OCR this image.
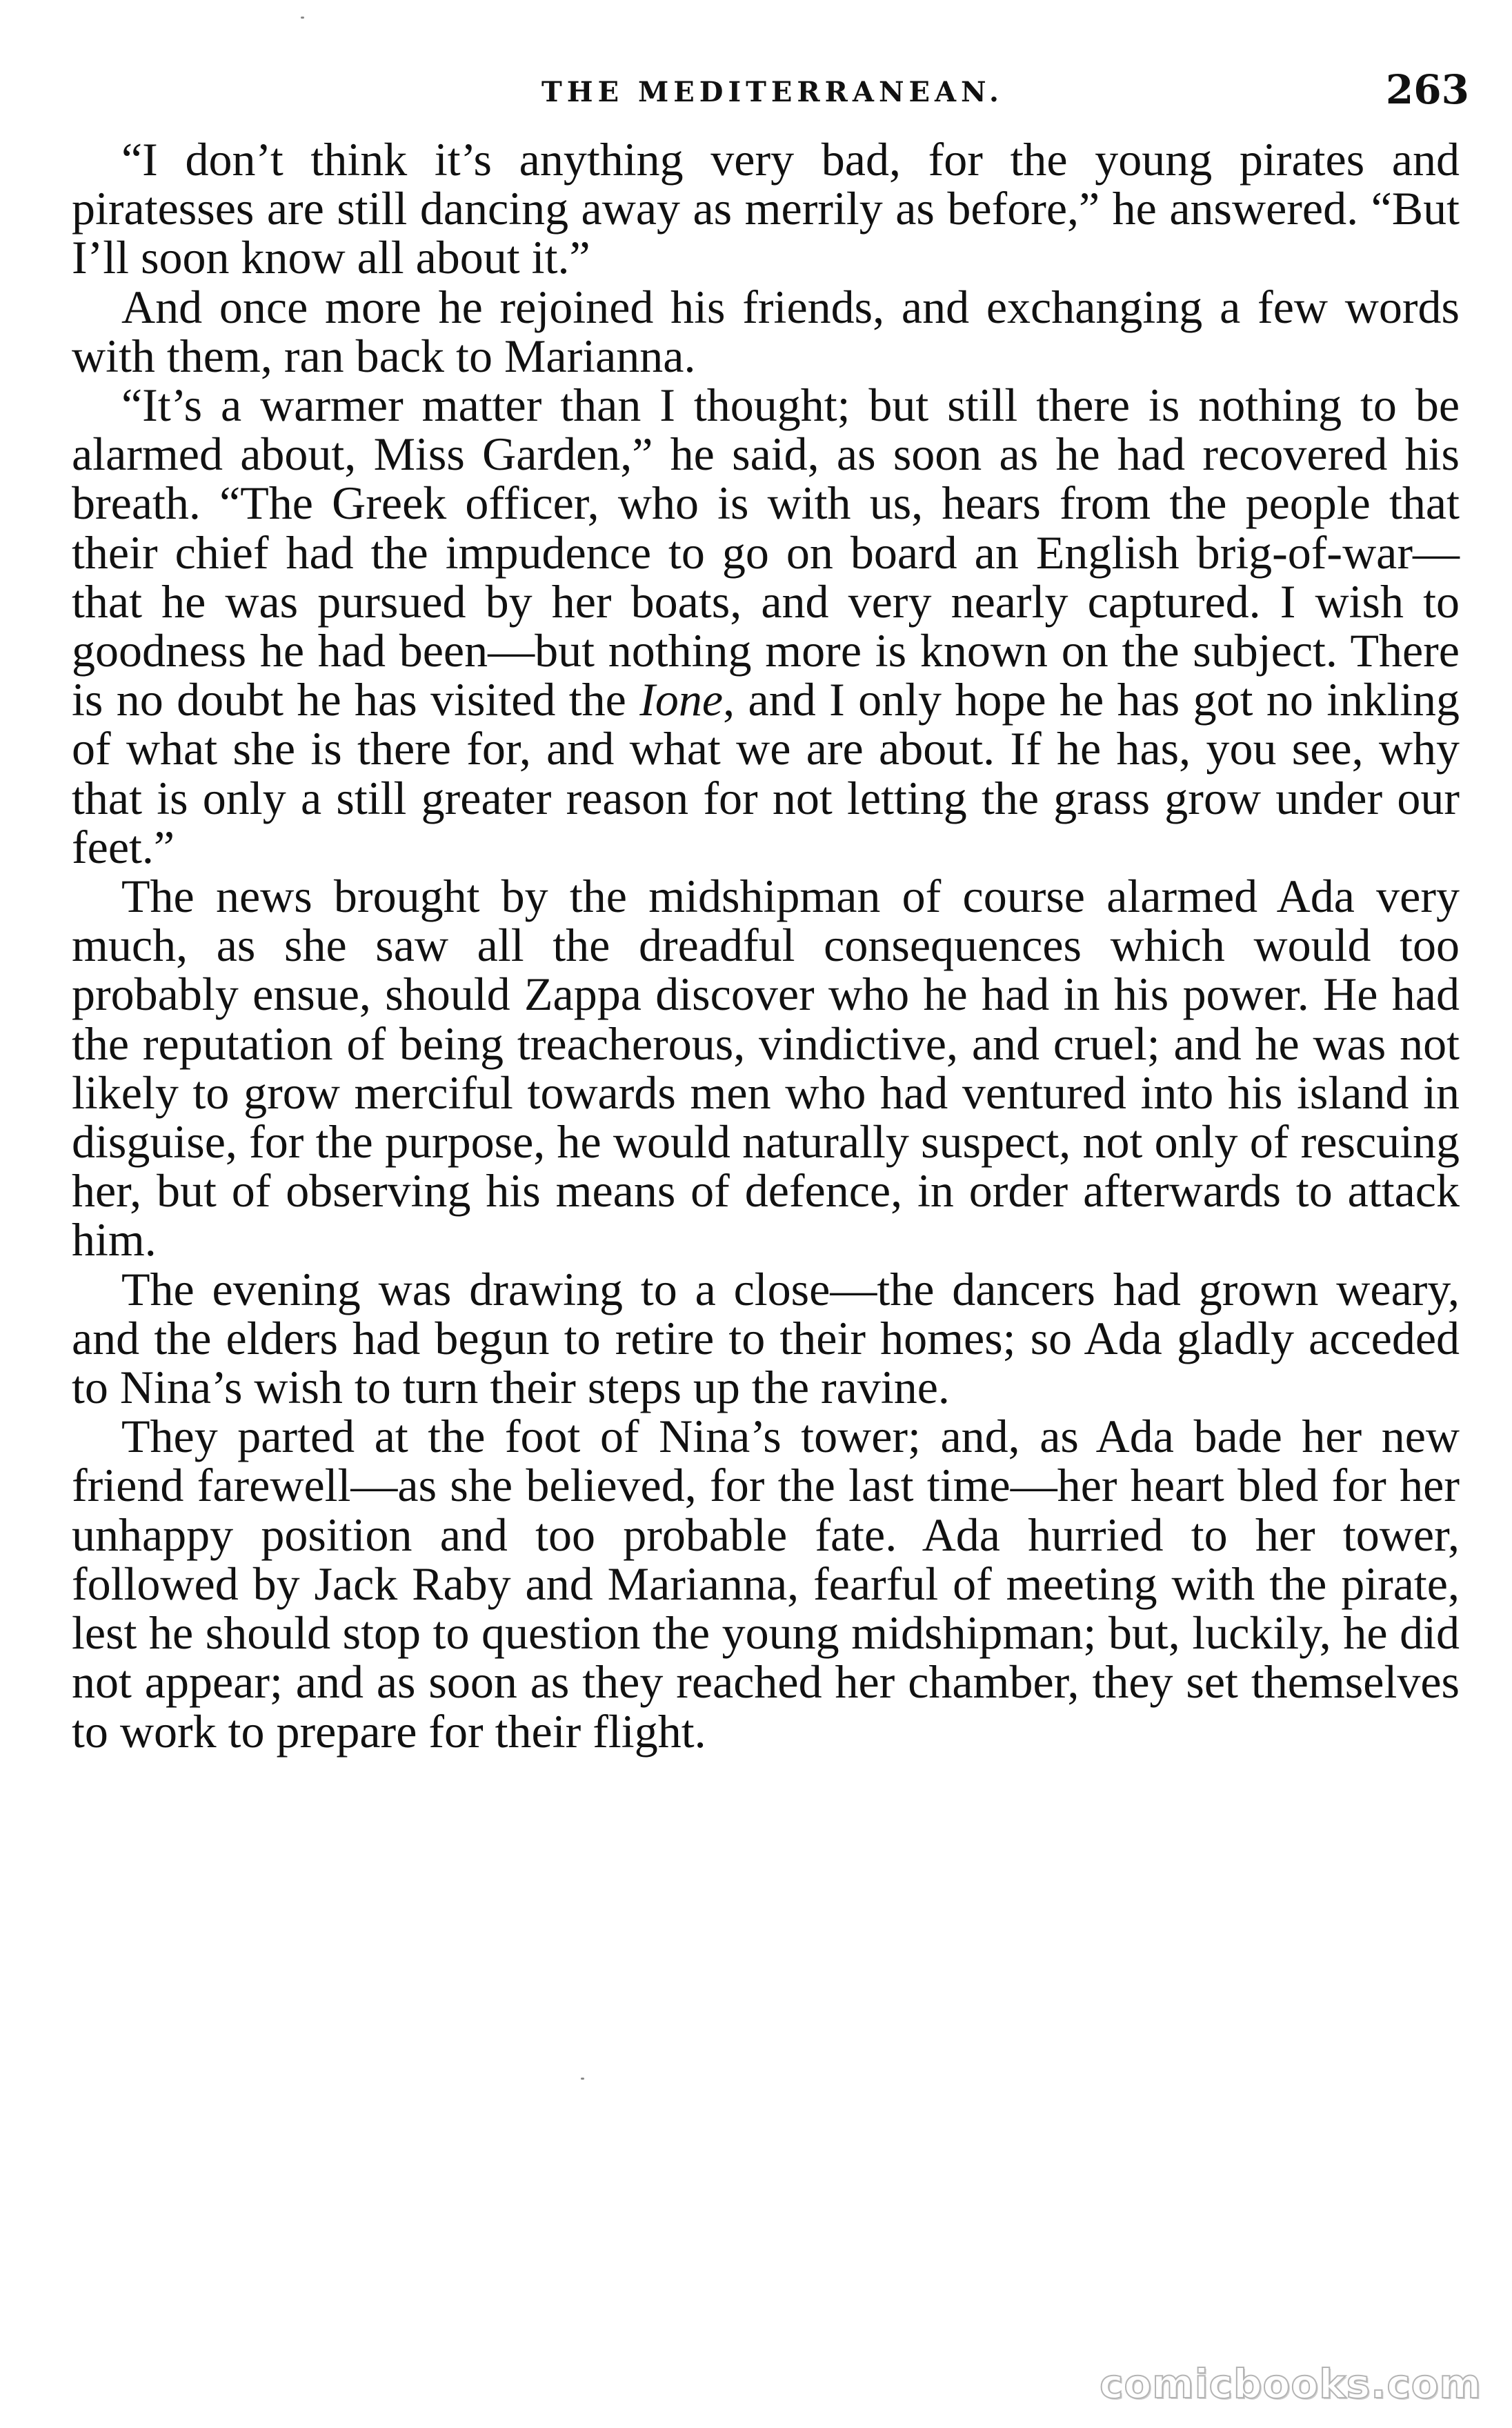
THE MEDITERRANEAN.	263

“I don’t think it’s anything very bad, for the young pirates and piratesses are still dancing away as merrily as before,” he answered. “But I’ll soon know all about it.”

And once more he rejoined his friends, and exchanging a few words with them, ran back to Marianna.

“It’s a warmer matter than I thought; but still there is nothing to be alarmed about, Miss Garden,” he said, as soon as he had recovered his breath. “The Greek officer, who is with us, hears from the people that their chief had the impudence to go on board an English brig-of-war—that he was pursued by her boats, and very nearly captured. I wish to goodness he had been—but nothing more is known on the subject. There is no doubt he has visited the Ione, and I only hope he has got no inkling of what she is there for, and what we are about. If he has, you see, why that is only a still greater reason for not letting the grass grow under our feet.”

The news brought by the midshipman of course alarmed Ada very much, as she saw all the dreadful consequences which would too probably ensue, should Zappa discover who he had in his power. He had the reputation of being treacherous, vindictive, and cruel; and he was not likely to grow merciful towards men who had ventured into his island in disguise, for the purpose, he would naturally suspect, not only of rescuing her, but of observing his means of defence, in order afterwards to attack him.

The evening was drawing to a close—the dancers had grown weary, and the elders had begun to retire to their homes; so Ada gladly acceded to Nina’s wish to turn their steps up the ravine.

They parted at the foot of Nina’s tower; and, as Ada bade her new friend farewell—as she believed, for the last time—her heart bled for her unhappy position and too probable fate. Ada hurried to her tower, followed by Jack Raby and Marianna, fearful of meeting with the pirate, lest he should stop to question the young midshipman; but, luckily, he did not appear; and as soon as they reached her chamber, they set themselves to work to prepare for their flight.

comicbooks.com
